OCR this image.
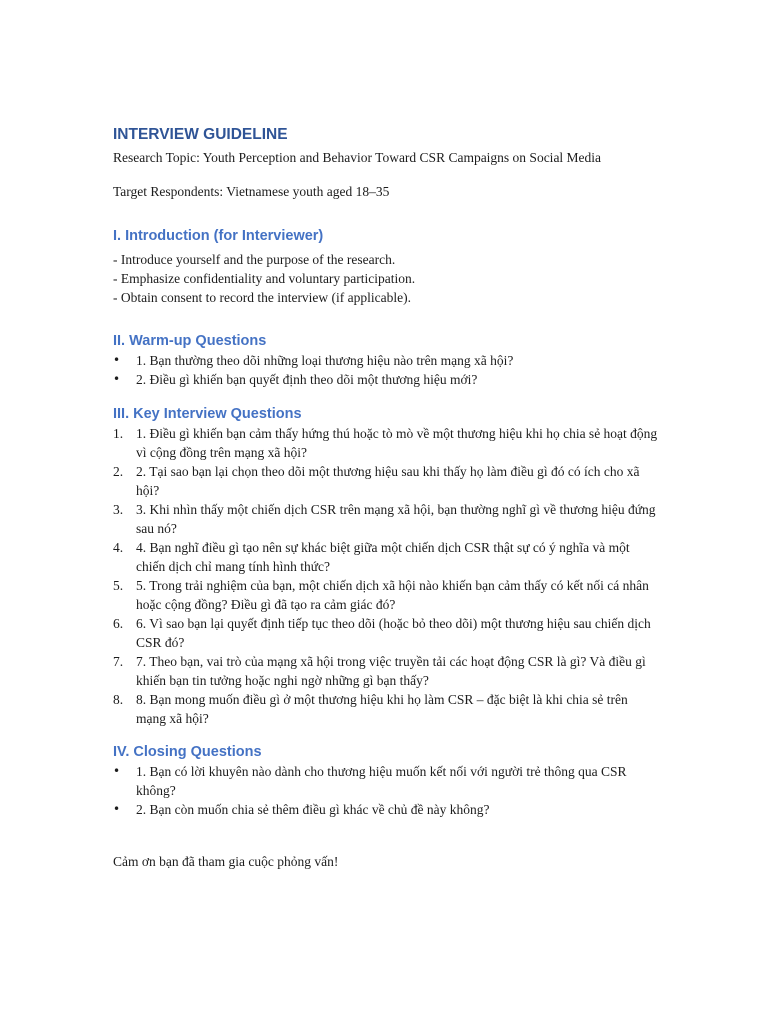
INTERVIEW GUIDELINE

Research Topic: Youth Perception and Behavior Toward CSR Campaigns on Social Media

Target Respondents: Vietnamese youth aged 18–35

I. Introduction (for Interviewer)

- Introduce yourself and the purpose of the research.

- Emphasize confidentiality and voluntary participation.

- Obtain consent to record the interview (if applicable).

II. Warm-up Questions
•	1. Bạn thường theo dõi những loại thương hiệu nào trên mạng xã hội?
•	2. Điều gì khiến bạn quyết định theo dõi một thương hiệu mới?
III. Key Interview Questions
1. 1. Điều gì khiến bạn cảm thấy hứng thú hoặc tò mò về một thương hiệu khi họ chia sẻ hoạt động vì cộng đồng trên mạng xã hội?
2. 2. Tại sao bạn lại chọn theo dõi một thương hiệu sau khi thấy họ làm điều gì đó có ích cho xã hội?
3. 3. Khi nhìn thấy một chiến dịch CSR trên mạng xã hội, bạn thường nghĩ gì về thương hiệu đứng sau nó?
4. 4. Bạn nghĩ điều gì tạo nên sự khác biệt giữa một chiến dịch CSR thật sự có ý nghĩa và một chiến dịch chỉ mang tính hình thức?
5. 5. Trong trải nghiệm của bạn, một chiến dịch xã hội nào khiến bạn cảm thấy có kết nối cá nhân hoặc cộng đồng? Điều gì đã tạo ra cảm giác đó?
6. 6. Vì sao bạn lại quyết định tiếp tục theo dõi (hoặc bỏ theo dõi) một thương hiệu sau chiến dịch CSR đó?
7. 7. Theo bạn, vai trò của mạng xã hội trong việc truyền tải các hoạt động CSR là gì? Và điều gì khiến bạn tin tưởng hoặc nghi ngờ những gì bạn thấy?
8. 8. Bạn mong muốn điều gì ở một thương hiệu khi họ làm CSR – đặc biệt là khi chia sẻ trên mạng xã hội?
IV. Closing Questions
•	1. Bạn có lời khuyên nào dành cho thương hiệu muốn kết nối với người trẻ thông qua CSR không?
•	2. Bạn còn muốn chia sẻ thêm điều gì khác về chủ đề này không?

Cảm ơn bạn đã tham gia cuộc phỏng vấn!
